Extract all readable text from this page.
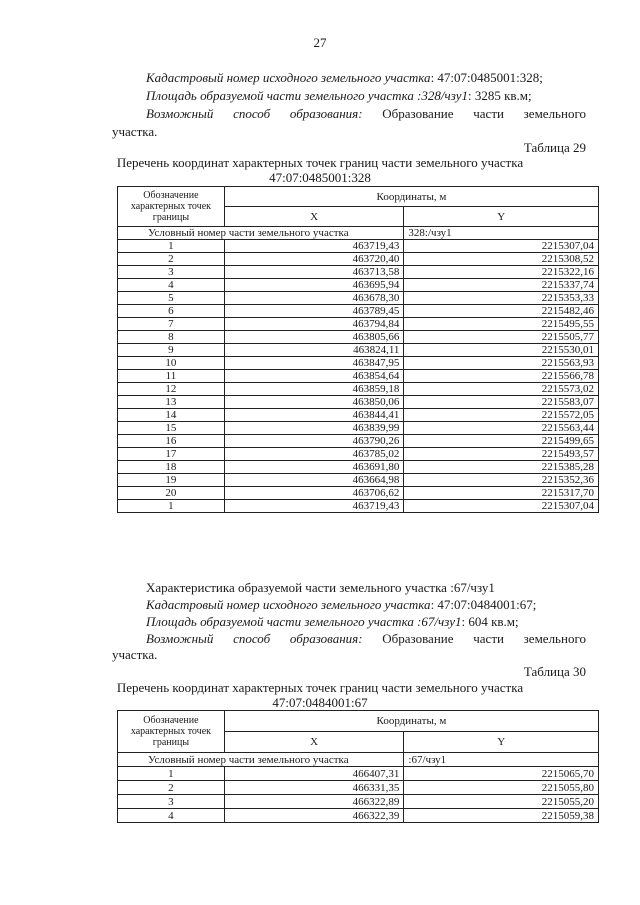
27
Кадастровый номер исходного земельного участка: 47:07:0485001:328;
Площадь образуемой части земельного участка :328/чзу1: 3285 кв.м;
Возможный способ образования: Образование части земельного
участка.
Таблица 29
Перечень координат характерных точек границ части земельного участка
47:07:0485001:328
Обозначение характерных точек границы	Координаты, м	
	X	Y
Условный номер части земельного участка		328:/чзу1
1	463719,43	2215307,04
2	463720,40	2215308,52
3	463713,58	2215322,16
4	463695,94	2215337,74
5	463678,30	2215353,33
6	463789,45	2215482,46
7	463794,84	2215495,55
8	463805,66	2215505,77
9	463824,11	2215530,01
10	463847,95	2215563,93
11	463854,64	2215566,78
12	463859,18	2215573,02
13	463850,06	2215583,07
14	463844,41	2215572,05
15	463839,99	2215563,44
16	463790,26	2215499,65
17	463785,02	2215493,57
18	463691,80	2215385,28
19	463664,98	2215352,36
20	463706,62	2215317,70
1	463719,43	2215307,04
Характеристика образуемой части земельного участка :67/чзу1
Кадастровый номер исходного земельного участка: 47:07:0484001:67;
Площадь образуемой части земельного участка :67/чзу1: 604 кв.м;
Возможный способ образования: Образование части земельного
участка.
Таблица 30
Перечень координат характерных точек границ части земельного участка
47:07:0484001:67
Обозначение характерных точек границы	Координаты, м	
	X	Y
Условный номер части земельного участка		:67/чзу1
1	466407,31	2215065,70
2	466331,35	2215055,80
3	466322,89	2215055,20
4	466322,39	2215059,38
